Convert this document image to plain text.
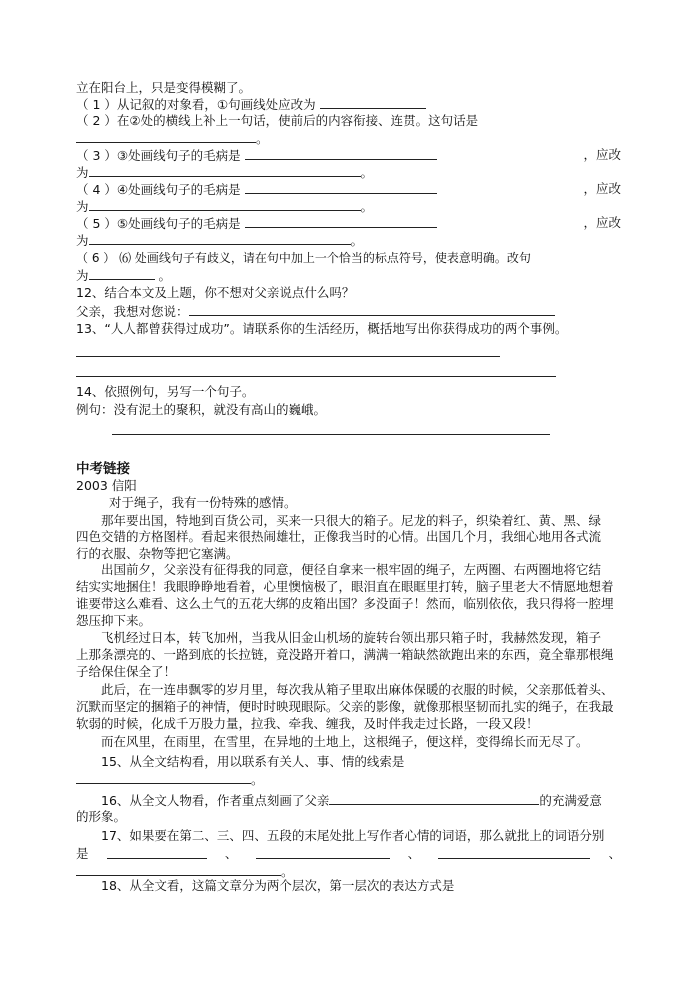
立在阳台上，只是变得模糊了。
（ 1 ）从记叙的对象看，①句画线处应改为
（ 2 ）在②处的横线上补上一句话，使前后的内容衔接、连贯。这句话是
。
（ 3 ）③处画线句子的毛病是	，应改
为	。
（ 4 ）④处画线句子的毛病是	，应改
为	。
（ 5 ）⑤处画线句子的毛病是	，应改
为	。
（ 6 ） ⑹ 处画线句子有歧义，请在句中加上一个恰当的标点符号，使表意明确。改句
为	。
12、结合本文及上题，你不想对父亲说点什么吗？
父亲，我想对您说：
13、“人人都曾获得过成功”。请联系你的生活经历，概括地写出你获得成功的两个事例。
14、依照例句，另写一个句子。
例句：没有泥土的聚积，就没有高山的巍峨。
中考链接
2003 信阳
对于绳子，我有一份特殊的感情。
那年要出国，特地到百货公司，买来一只很大的箱子。尼龙的料子，织染着红、黄、黑、绿
四色交错的方格图样。看起来很热闹雄壮，正像我当时的心情。出国几个月，我细心地用各式流
行的衣服、杂物等把它塞满。
出国前夕，父亲没有征得我的同意，便径自拿来一根牢固的绳子，左两圈、右两圈地将它结
结实实地捆住！我眼睁睁地看着，心里懊恼极了，眼泪直在眼眶里打转，脑子里老大不情愿地想着
谁要带这么难看、这么土气的五花大绑的皮箱出国？多没面子！然而，临别依依，我只得将一腔埋
怨压抑下来。
飞机经过日本，转飞加州，当我从旧金山机场的旋转台领出那只箱子时，我赫然发现，箱子
上那条漂亮的、一路到底的长拉链，竟没路开着口，满满一箱缺然欲跑出来的东西，竟全靠那根绳
子给保住保全了！
此后，在一连串飘零的岁月里，每次我从箱子里取出麻体保暖的衣服的时候，父亲那低着头、
沉默而坚定的捆箱子的神情，便时时映现眼际。父亲的影像，就像那根坚韧而扎实的绳子，在我最
软弱的时候，化成千万股力量，拉我、牵我、缠我，及时伴我走过长路，一段又段！
而在风里，在雨里，在雪里，在异地的土地上，这根绳子，便这样，变得绵长而无尽了。
15、从全文结构看，用以联系有关人、事、情的线索是
。
16、从全文人物看，作者重点刻画了父亲	的充满爱意
的形象。
17、如果要在第二、三、四、五段的末尾处批上写作者心情的词语，那么就批上的词语分别
是	、	、	、
。
18、从全文看，这篇文章分为两个层次，第一层次的表达方式是
